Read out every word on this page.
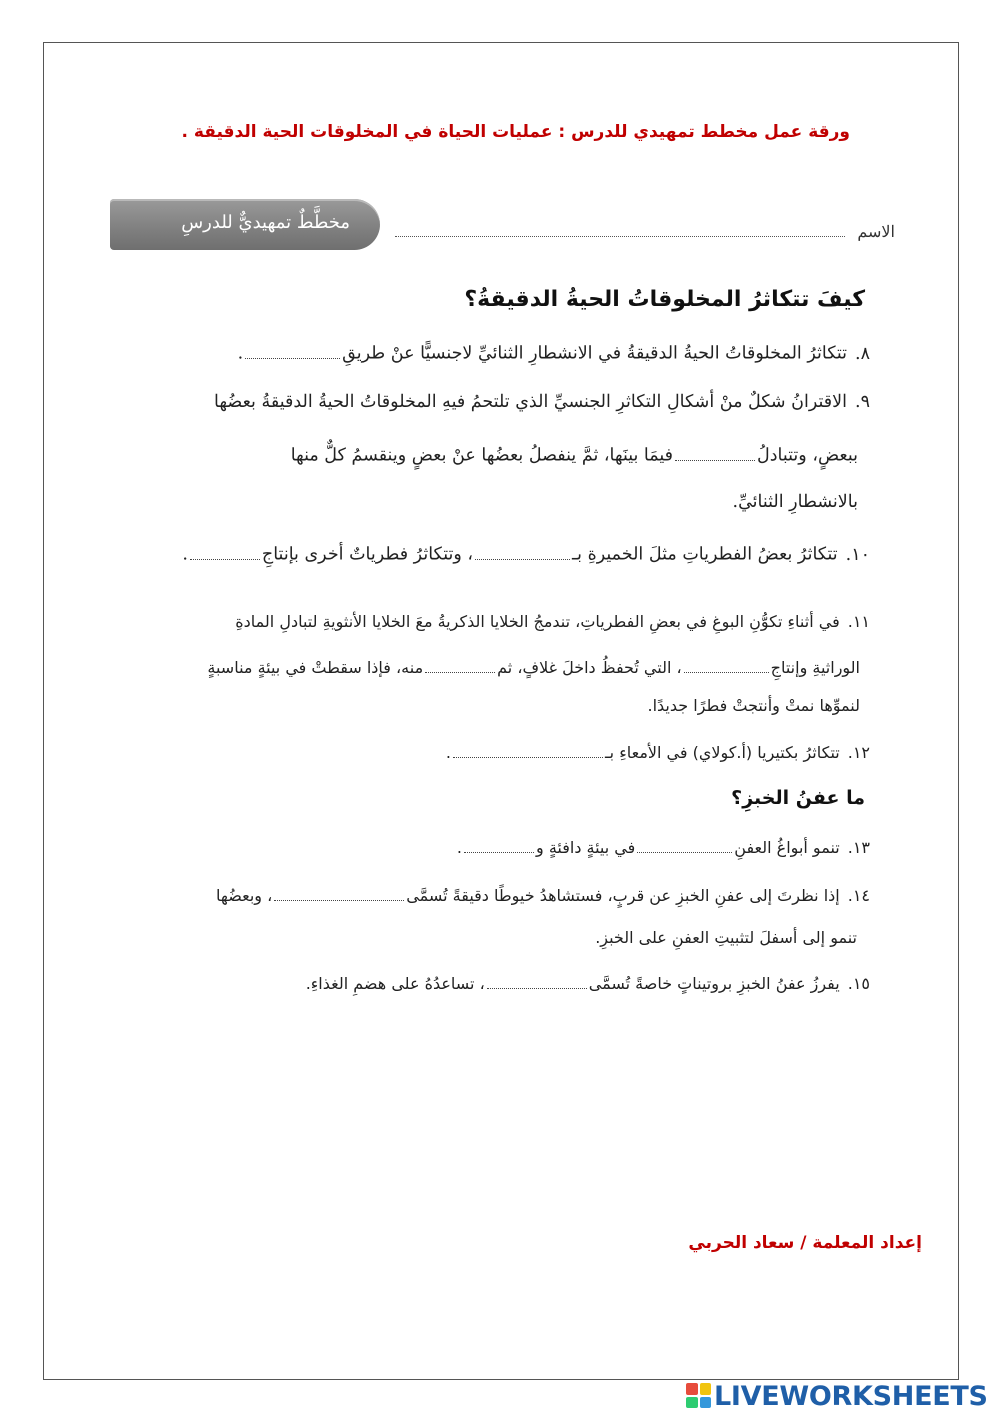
ورقة عمل مخطط تمهيدي للدرس : عمليات الحياة في المخلوقات الحية الدقيقة .
مخطَّطٌ تمهيديٌّ للدرسِ	الاسم
كيفَ تتكاثرُ المخلوقاتُ الحيةُ الدقيقةُ؟
٨.تتكاثرُ المخلوقاتُ الحيةُ الدقيقةُ في الانشطارِ الثنائيِّ لاجنسيًّا عنْ طريقِ.
٩.الاقترانُ شكلٌ منْ أشكالِ التكاثرِ الجنسيِّ الذي تلتحمُ فيهِ المخلوقاتُ الحيةُ الدقيقةُ بعضُها
ببعضٍ، وتتبادلُفيمَا بينَها، ثمَّ ينفصلُ بعضُها عنْ بعضٍ وينقسمُ كلٌّ منها
بالانشطارِ الثنائيِّ.
١٠.تتكاثرُ بعضُ الفطرياتِ مثلَ الخميرةِ بـ، وتتكاثرُ فطرياتٌ أخرى بإنتاجِ.
١١.في أثناءِ تكوُّنِ البوغِ في بعضِ الفطرياتِ، تندمجُ الخلايا الذكريةُ معَ الخلايا الأنثويةِ لتبادلِ المادةِ
الوراثيةِ وإنتاجِ، التي تُحفظُ داخلَ غلافٍ، ثممنه، فإذا سقطتْ في بيئةٍ مناسبةٍ
لنموِّها نمتْ وأنتجتْ فطرًا جديدًا.
١٢.تتكاثرُ بكتيريا (أ.كولاي) في الأمعاءِ بـ.
ما عفنُ الخبزِ؟
١٣.تنمو أبواغُ العفنِفي بيئةٍ دافئةٍ و.
١٤.إذا نظرتَ إلى عفنِ الخبزِ عن قربٍ، فستشاهدُ خيوطًا دقيقةً تُسمَّى، وبعضُها
تنمو إلى أسفلَ لتثبيتِ العفنِ على الخبزِ.
١٥.يفرزُ عفنُ الخبزِ بروتيناتٍ خاصةً تُسمَّى، تساعدُهُ على هضمِ الغذاءِ.
إعداد المعلمة / سعاد الحربي
LIVEWORKSHEETS
